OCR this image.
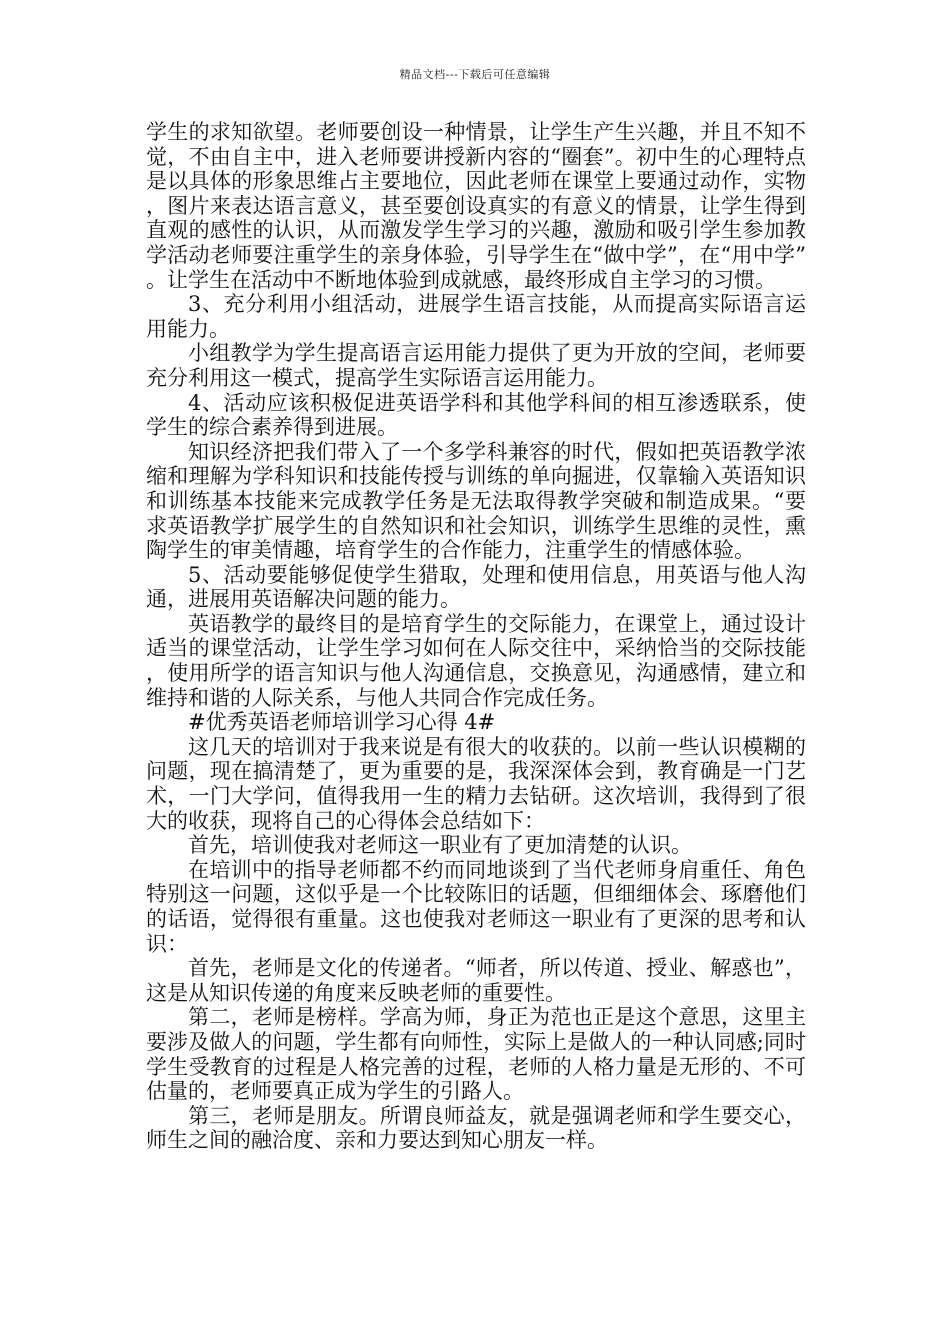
精品文档---下载后可任意编辑

学生的求知欲望。老师要创设一种情景，让学生产生兴趣，并且不知不觉，不由自主中，进入老师要讲授新内容的“圈套”。初中生的心理特点是以具体的形象思维占主要地位，因此老师在课堂上要通过动作，实物，图片来表达语言意义，甚至要创设真实的有意义的情景，让学生得到直观的感性的认识，从而激发学生学习的兴趣，激励和吸引学生参加教学活动老师要注重学生的亲身体验，引导学生在“做中学”，在“用中学”。让学生在活动中不断地体验到成就感，最终形成自主学习的习惯。

3、充分利用小组活动，进展学生语言技能，从而提高实际语言运用能力。

小组教学为学生提高语言运用能力提供了更为开放的空间，老师要充分利用这一模式，提高学生实际语言运用能力。

4、活动应该积极促进英语学科和其他学科间的相互渗透联系，使学生的综合素养得到进展。

知识经济把我们带入了一个多学科兼容的时代，假如把英语教学浓缩和理解为学科知识和技能传授与训练的单向掘进，仅靠输入英语知识和训练基本技能来完成教学任务是无法取得教学突破和制造成果。“要求英语教学扩展学生的自然知识和社会知识，训练学生思维的灵性，熏陶学生的审美情趣，培育学生的合作能力，注重学生的情感体验。

5、活动要能够促使学生猎取，处理和使用信息，用英语与他人沟通，进展用英语解决问题的能力。

英语教学的最终目的是培育学生的交际能力，在课堂上，通过设计适当的课堂活动，让学生学习如何在人际交往中，采纳恰当的交际技能，使用所学的语言知识与他人沟通信息，交换意见，沟通感情，建立和维持和谐的人际关系，与他人共同合作完成任务。

#优秀英语老师培训学习心得 4#

这几天的培训对于我来说是有很大的收获的。以前一些认识模糊的问题，现在搞清楚了，更为重要的是，我深深体会到，教育确是一门艺术，一门大学问，值得我用一生的精力去钻研。这次培训，我得到了很大的收获，现将自己的心得体会总结如下：

首先，培训使我对老师这一职业有了更加清楚的认识。

在培训中的指导老师都不约而同地谈到了当代老师身肩重任、角色特别这一问题，这似乎是一个比较陈旧的话题，但细细体会、琢磨他们的话语，觉得很有重量。这也使我对老师这一职业有了更深的思考和认识：

首先，老师是文化的传递者。“师者，所以传道、授业、解惑也”，这是从知识传递的角度来反映老师的重要性。

第二，老师是榜样。学高为师，身正为范也正是这个意思，这里主要涉及做人的问题，学生都有向师性，实际上是做人的一种认同感;同时学生受教育的过程是人格完善的过程，老师的人格力量是无形的、不可估量的，老师要真正成为学生的引路人。

第三，老师是朋友。所谓良师益友，就是强调老师和学生要交心，师生之间的融洽度、亲和力要达到知心朋友一样。
